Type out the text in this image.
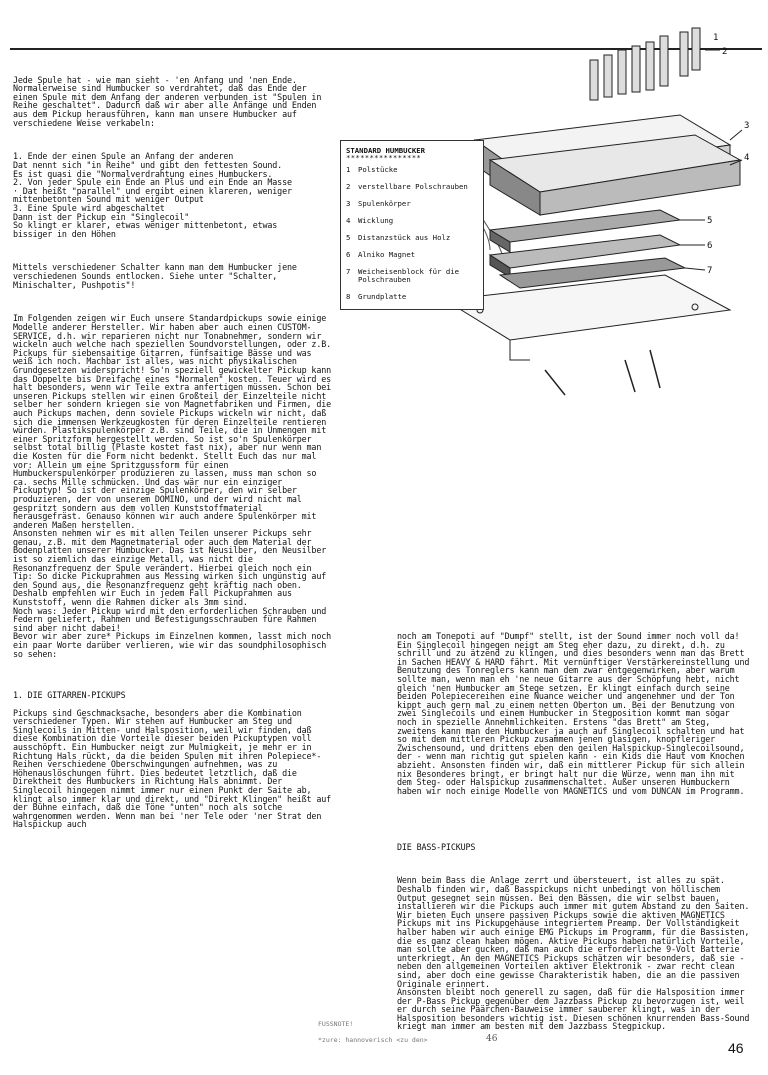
Jede Spule hat - wie man sieht - 'en Anfang und 'nen Ende. Normalerweise sind Humbucker so verdrahtet, daß das Ende der einen Spule mit dem Anfang der anderen verbunden ist "Spulen in Reihe geschaltet". Dadurch daß wir aber alle Anfänge und Enden aus dem Pickup herausführen, kann man unsere Humbucker auf verschiedene Weise verkabeln:

1. Ende der einen Spule an Anfang der anderen
Dat nennt sich "in Reihe" und gibt den fettesten Sound.
Es ist quasi die "Normalverdrahtung eines Humbuckers.
2. Von jeder Spule ein Ende an Plus und ein Ende an Masse
· Dat heißt "parallel" und ergibt einen klareren, weniger
mittenbetonten Sound mit weniger Output
3. Eine Spule wird abgeschaltet
Dann ist der Pickup ein "Singlecoil"
So klingt er klarer, etwas weniger mittenbetont, etwas
bissiger in den Höhen

Mittels verschiedener Schalter kann man dem Humbucker jene verschiedenen Sounds entlocken. Siehe unter "Schalter, Minischalter, Pushpotis"!

Im Folgenden zeigen wir Euch unsere Standardpickups sowie einige Modelle anderer Hersteller. Wir haben aber auch einen CUSTOM-SERVICE, d.h. wir reparieren nicht nur Tonabnehmer, sondern wir wickeln auch welche nach speziellen Soundvorstellungen, oder z.B. Pickups für siebensaitige Gitarren, fünfsaitige Bässe und was weiß ich noch. Machbar ist alles, was nicht physikalischen Grundgesetzen widerspricht! So'n speziell gewickelter Pickup kann das Doppelte bis Dreifache eines "Normalen" kosten. Teuer wird es halt besonders, wenn wir Teile extra anfertigen müssen. Schon bei unseren Pickups stellen wir einen Großteil der Einzelteile nicht selber her sondern kriegen sie von Magnetfabriken und Firmen, die auch Pickups machen, denn soviele Pickups wickeln wir nicht, daß sich die immensen Werkzeugkosten für deren Einzelteile rentieren würden. Plastikspulenkörper z.B. sind Teile, die in Unmengen mit einer Spritzform hergestellt werden. So ist so'n Spulenkörper selbst total billig (Plaste kostet fast nix), aber nur wenn man die Kosten für die Form nicht bedenkt. Stellt Euch das nur mal vor: Allein um eine Spritzgussform für einen Humbuckerspulenkörper produzieren zu lassen, muss man schon so ca. sechs Mille schmücken. Und das wär nur ein einziger Pickuptyp! So ist der einzige Spulenkörper, den wir selber produzieren, der von unserem DOMINO, und der wird nicht mal gespritzt sondern aus dem vollen Kunststoffmaterial herausgefräst. Genauso können wir auch andere Spulenkörper mit anderen Maßen herstellen.
Ansonsten nehmen wir es mit allen Teilen unserer Pickups sehr genau, z.B. mit dem Magnetmaterial oder auch dem Material der Bodenplatten unserer Humbucker. Das ist Neusilber, den Neusilber ist so ziemlich das einzige Metall, was nicht die Resonanzfrequenz der Spule verändert. Hierbei gleich noch ein Tip: So dicke Pickuprahmen aus Messing wirken sich ungünstig auf den Sound aus, die Resonanzfrequenz geht kräftig nach oben. Deshalb empfehlen wir Euch in jedem Fall Pickuprahmen aus Kunststoff, wenn die Rahmen dicker als 3mm sind.
Noch was: Jeder Pickup wird mit den erforderlichen Schrauben und Federn geliefert, Rahmen und Befestigungsschrauben füre Rahmen sind aber nicht dabei!
Bevor wir aber zure* Pickups im Einzelnen kommen, lasst mich noch ein paar Worte darüber verlieren, wie wir das soundphilosophisch so sehen:

1. DIE GITARREN-PICKUPS

Pickups sind Geschmacksache, besonders aber die Kombination verschiedener Typen. Wir stehen auf Humbucker am Steg und Singlecoils in Mitten- und Halsposition, weil wir finden, daß diese Kombination die Vorteile dieser beiden Pickuptypen voll ausschöpft. Ein Humbucker neigt zur Mulmigkeit, je mehr er in Richtung Hals rückt, da die beiden Spulen mit ihren Polepiece*-Reihen verschiedene Oberschwingungen aufnehmen, was zu Höhenauslöschungen führt. Dies bedeutet letztlich, daß die Direktheit des Humbuckers in Richtung Hals abnimmt. Der Singlecoil hingegen nimmt immer nur einen Punkt der Saite ab, klingt also immer klar und direkt, und "Direkt Klingen" heißt auf der Bühne einfach, daß die Töne "unten" noch als solche wahrgenommen werden. Wenn man bei 'ner Tele oder 'ner Strat den Halspickup auch

1
2
3
4
5
6
7
STANDARD HUMBUCKER
****************
1 Polstücke
2 verstellbare Polschrauben
3 Spulenkörper
4 Wicklung
5 Distanzstück aus Holz
6 Alniko Magnet
7 Weicheisenblock für die Polschrauben
8 Grundplatte
noch am Tonepoti auf "Dumpf" stellt, ist der Sound immer noch voll da!
Ein Singlecoil hingegen neigt am Steg eher dazu, zu direkt, d.h. zu schrill und zu ätzend zu klingen, und dies besonders wenn man das Brett in Sachen HEAVY & HARD fährt. Mit vernünftiger Verstärkereinstellung und Benutzung des Tonreglers kann man dem zwar entgegenwirken, aber warum sollte man, wenn man eh 'ne neue Gitarre aus der Schöpfung hebt, nicht gleich 'nen Humbucker am Stege setzen. Er klingt einfach durch seine beiden Polepiecereihen eine Nuance weicher und angenehmer und der Ton kippt auch gern mal zu einem netten Oberton um. Bei der Benutzung von zwei Singlecoils und einem Humbucker in Stegposition kommt man sogar noch in spezielle Annehmlichkeiten. Erstens "das Brett" am Steg, zweitens kann man den Humbucker ja auch auf Singlecoil schalten und hat so mit dem mittleren Pickup zusammen jenen glasigen, knopfleriger Zwischensound, und drittens eben den geilen Halspickup-Singlecoilsound, der - wenn man richtig gut spielen kann - ein Kids die Haut vom Knochen abzieht. Ansonsten finden wir, daß ein mittlerer Pickup für sich allein nix Besonderes bringt, er bringt halt nur die Würze, wenn man ihn mit dem Steg- oder Halspickup zusammenschaltet. Außer unseren Humbuckern haben wir noch einige Modelle von MAGNETICS und vom DUNCAN im Programm.

DIE BASS-PICKUPS

Wenn beim Bass die Anlage zerrt und übersteuert, ist alles zu spät. Deshalb finden wir, daß Basspickups nicht unbedingt von höllischem Output gesegnet sein müssen. Bei den Bässen, die wir selbst bauen, installieren wir die Pickups auch immer mit gutem Abstand zu den Saiten. Wir bieten Euch unsere passiven Pickups sowie die aktiven MAGNETICS Pickups mit ins Pickupgehäuse integriertem Preamp. Der Vollständigkeit halber haben wir auch einige EMG Pickups im Programm, für die Bassisten, die es ganz clean haben mögen. Aktive Pickups haben natürlich Vorteile, man sollte aber gucken, daß man auch die erforderliche 9-Volt Batterie unterkriegt. An den MAGNETICS Pickups schätzen wir besonders, daß sie - neben den allgemeinen Vorteilen aktiver Elektronik - zwar recht clean sind, aber doch eine gewisse Charakteristik haben, die an die passiven Originale erinnert.
Ansonsten bleibt noch generell zu sagen, daß für die Halsposition immer der P-Bass Pickup gegenüber dem Jazzbass Pickup zu bevorzugen ist, weil er durch seine Päärchen-Bauweise immer sauberer klingt, was in der Halsposition besonders wichtig ist. Diesen schönen knurrenden Bass-Sound kriegt man immer am besten mit dem Jazzbass Stegpickup.

FUSSNOTE!
*zure: hannoverisch <zu den>	46
46
